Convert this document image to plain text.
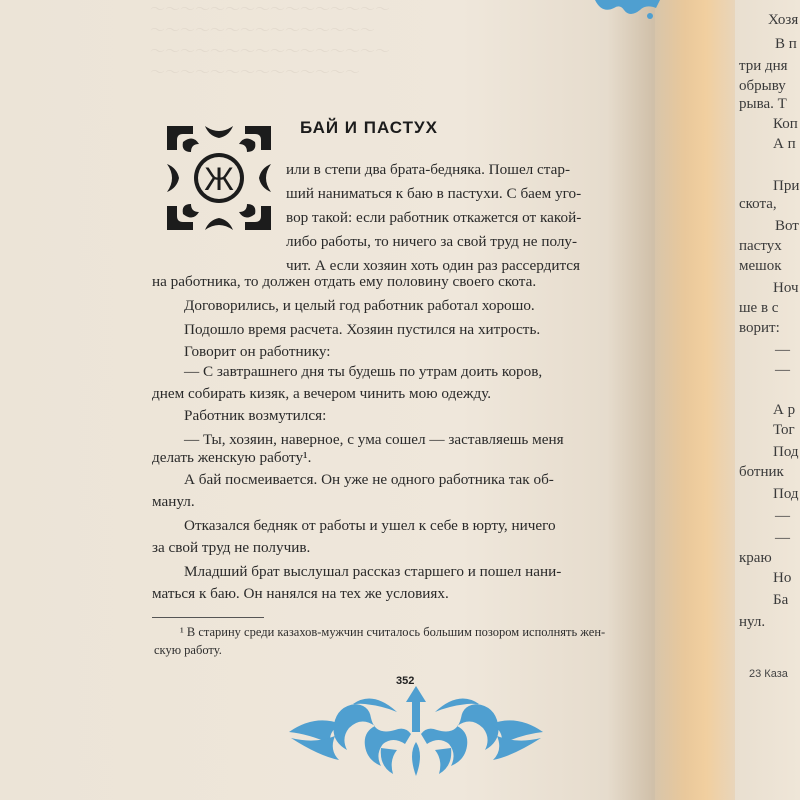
～～～～～～～～～～～～～～～～
～～～～～～～～～～～～～～～
～～～～～～～～～～～～～～～～
～～～～～～～～～～～～～～
БАЙ И ПАСТУХ
Ж	или в степи два брата-бедняка. Пошел стар-
ший наниматься к баю в пастухи. С баем уго-
вор такой: если работник откажется от какой-
либо работы, то ничего за свой труд не полу-
чит. А если хозяин хоть один раз рассердится
на работника, то должен отдать ему половину своего скота.
Договорились, и целый год работник работал хорошо.
Подошло время расчета. Хозяин пустился на хитрость.
Говорит он работнику:
— С завтрашнего дня ты будешь по утрам доить коров,
днем собирать кизяк, а вечером чинить мою одежду.
Работник возмутился:
— Ты, хозяин, наверное, с ума сошел — заставляешь меня
делать женскую работу¹.
А бай посмеивается. Он уже не одного работника так об-
манул.
Отказался бедняк от работы и ушел к себе в юрту, ничего
за свой труд не получив.
Младший брат выслушал рассказ старшего и пошел нани-
маться к баю. Он нанялся на тех же условиях.
¹ В старину среди казахов-мужчин считалось большим позором исполнять жен-
скую работу.
352
Хозя
В п
три дня
обрыву
рыва. Т
Коп
А п
При
скота,
Вот
пастух
мешок
Ноч
ше в с
ворит:
—
—
А р
Тог
Под
ботник
Под
—
—
краю
Но
Ба
нул.
23 Каза
